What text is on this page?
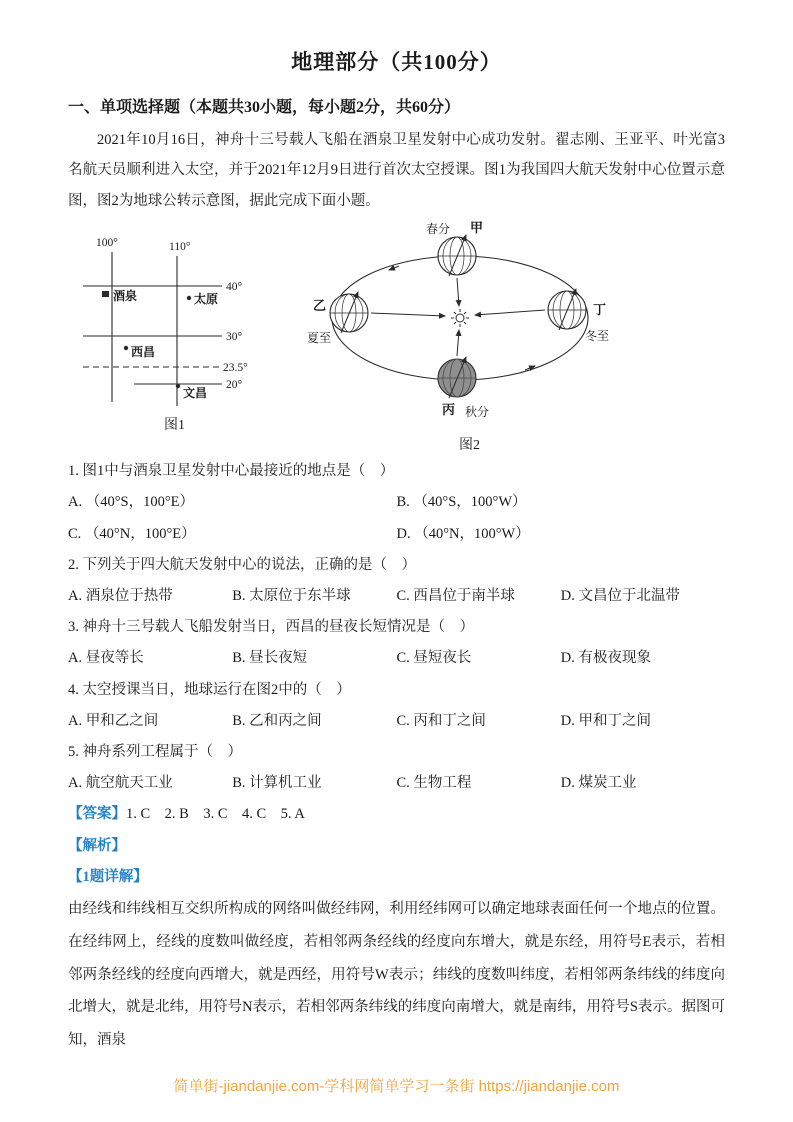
地理部分（共100分）
一、单项选择题（本题共30小题，每小题2分，共60分）

2021年10月16日，神舟十三号载人飞船在酒泉卫星发射中心成功发射。翟志刚、王亚平、叶光富3名航天员顺利进入太空，并于2021年12月9日进行首次太空授课。图1为我国四大航天发射中心位置示意图，图2为地球公转示意图，据此完成下面小题。

100°	110°
40°
30°
23.5°
20°
酒泉	太原
西昌
文昌
图1
春分 甲
乙
夏至
丁
冬至
丙 秋分
图2

1. 图1中与酒泉卫星发射中心最接近的地点是（　）

A. （40°S，100°E）	B. （40°S，100°W）
C. （40°N，100°E）	D. （40°N，100°W）

2. 下列关于四大航天发射中心的说法，正确的是（　）

A. 酒泉位于热带	B. 太原位于东半球	C. 西昌位于南半球	D. 文昌位于北温带

3. 神舟十三号载人飞船发射当日，西昌的昼夜长短情况是（　）

A. 昼夜等长	B. 昼长夜短	C. 昼短夜长	D. 有极夜现象

4. 太空授课当日，地球运行在图2中的（　）

A. 甲和乙之间	B. 乙和丙之间	C. 丙和丁之间	D. 甲和丁之间

5. 神舟系列工程属于（　）

A. 航空航天工业	B. 计算机工业	C. 生物工程	D. 煤炭工业

【答案】1. C    2. B    3. C    4. C    5. A

【解析】

【1题详解】

由经线和纬线相互交织所构成的网络叫做经纬网，利用经纬网可以确定地球表面任何一个地点的位置。在经纬网上，经线的度数叫做经度，若相邻两条经线的经度向东增大，就是东经，用符号E表示，若相邻两条经线的经度向西增大，就是西经，用符号W表示；纬线的度数叫纬度，若相邻两条纬线的纬度向北增大，就是北纬，用符号N表示，若相邻两条纬线的纬度向南增大，就是南纬，用符号S表示。据图可知，酒泉

简单街-jiandanjie.com-学科网简单学习一条街 https://jiandanjie.com
